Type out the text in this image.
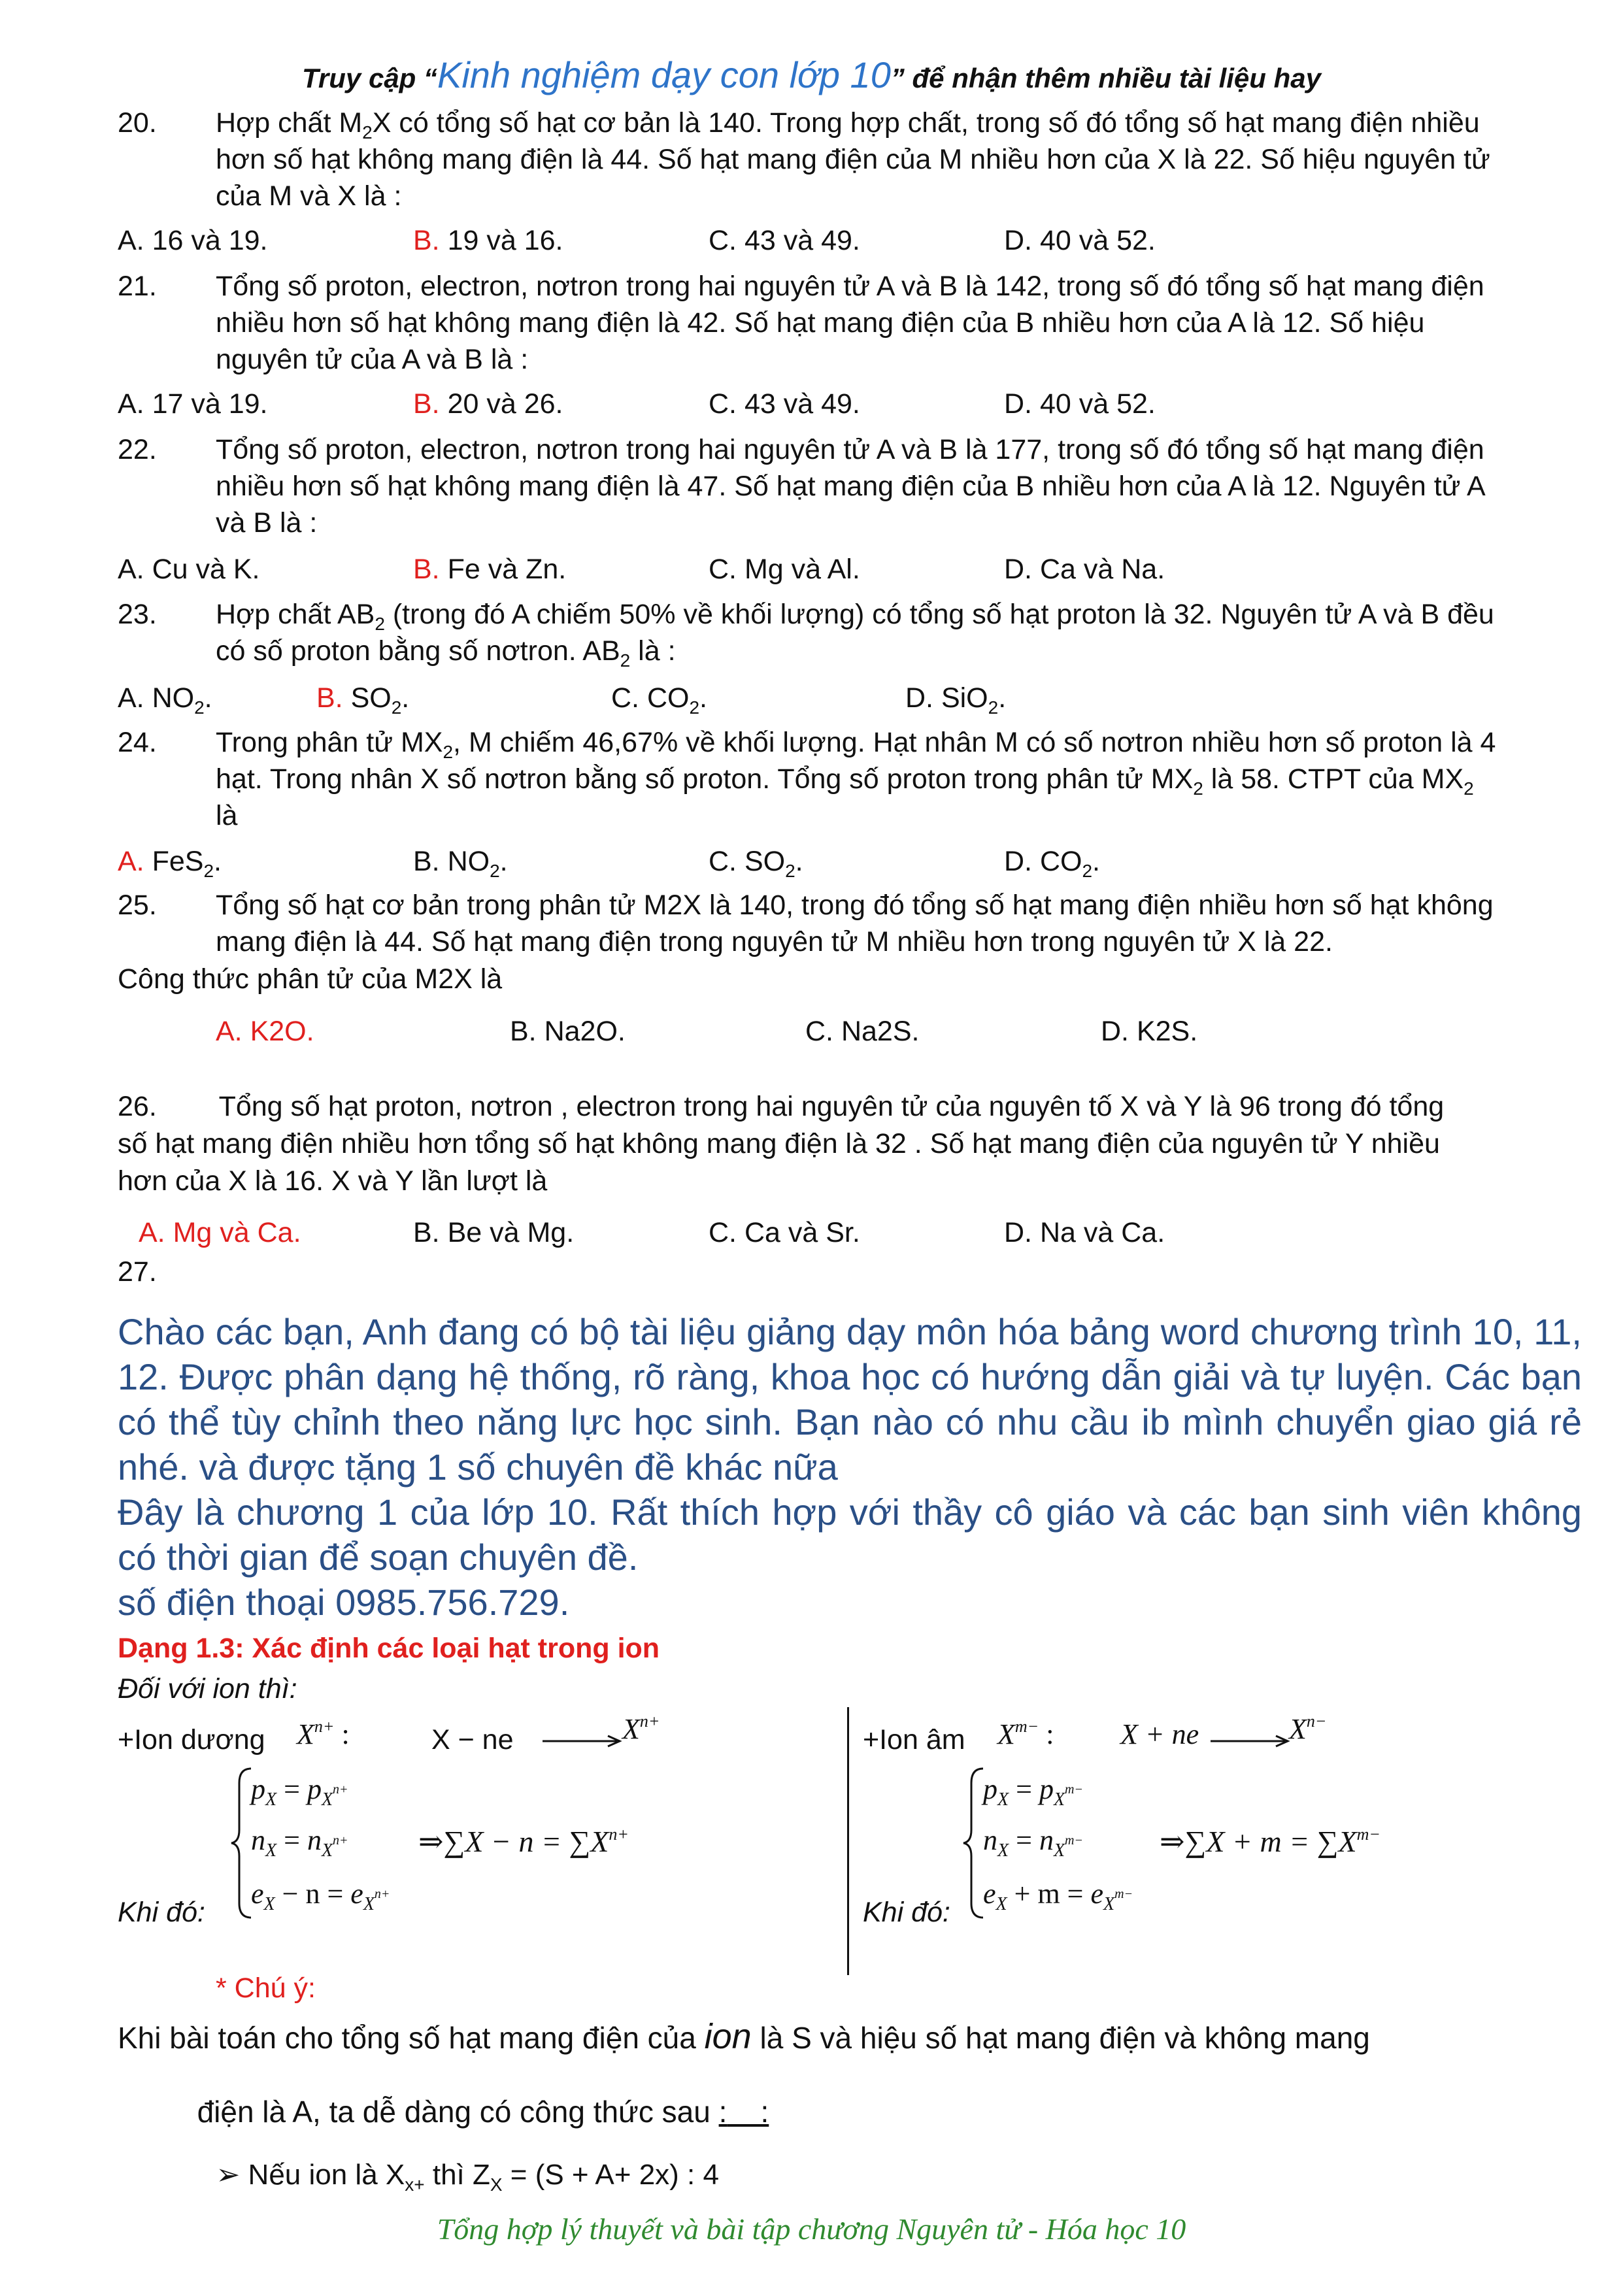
Truy cập “Kinh nghiệm dạy con lớp 10” để nhận thêm nhiều tài liệu hay
20. Hợp chất $M_2X$ có tổng số hạt cơ bản là 140. Trong hợp chất, trong số đó tổng số hạt mang điện nhiều
hơn số hạt không mang điện là 44. Số hạt mang điện của M nhiều hơn của X là 22. Số hiệu nguyên tử
của M và X là :
A. 16 và 19.	B. 19 và 16.	C. 43 và 49.	D. 40 và 52.
21. Tổng số proton, electron, nơtron trong hai nguyên tử A và B là 142, trong số đó tổng số hạt mang điện
nhiều hơn số hạt không mang điện là 42. Số hạt mang điện của B nhiều hơn của A là 12. Số hiệu
nguyên tử của A và B là :
A. 17 và 19.	B. 20 và 26.	C. 43 và 49.	D. 40 và 52.
22. Tổng số proton, electron, nơtron trong hai nguyên tử A và B là 177, trong số đó tổng số hạt mang điện
nhiều hơn số hạt không mang điện là 47. Số hạt mang điện của B nhiều hơn của A là 12. Nguyên tử A
và B là :
A. Cu và K.	B. Fe và Zn.	C. Mg và Al.	D. Ca và Na.
23. Hợp chất $AB_2$ (trong đó A chiếm 50% về khối lượng) có tổng số hạt proton là 32. Nguyên tử A và B đều
có số proton bằng số nơtron. $AB_2$ là :
A. $NO_2$.	B. $SO_2$.	C. $CO_2$.	D. SiO$_2$.
24. Trong phân tử $MX_2$, M chiếm 46,67% về khối lượng. Hạt nhân M có số nơtron nhiều hơn số proton là 4
hạt. Trong nhân X số nơtron bằng số proton. Tổng số proton trong phân tử $MX_2$ là 58. CTPT của $MX_2$
là
A. FeS$_2$.	B. $NO_2$.	C. $SO_2$.	D. $CO_2$.
25. Tổng số hạt cơ bản trong phân tử M2X là 140, trong đó tổng số hạt mang điện nhiều hơn số hạt không
mang điện là 44. Số hạt mang điện trong nguyên tử M nhiều hơn trong nguyên tử X là 22.
Công thức phân tử của M2X là
A. K2O.	B. Na2O.	C. Na2S.	D. K2S.
26.        Tổng số hạt proton, nơtron , electron trong hai nguyên tử của nguyên tố X và Y là 96 trong đó tổng
số hạt mang điện nhiều hơn tổng số hạt không mang điện là 32 . Số hạt mang điện của nguyên tử Y nhiều
hơn của X là 16. X và Y lần lượt là
A. Mg và Ca.	B. Be và Mg.	C. Ca và Sr.	D. Na và Ca.
27.

Chào các bạn, Anh đang có bộ tài liệu giảng dạy môn hóa bảng word chương trình 10, 11, 12. Được phân dạng hệ thống, rõ ràng, khoa học có hướng dẫn giải và tự luyện. Các bạn có thể tùy chỉnh theo năng lực học sinh. Bạn nào có nhu cầu ib mình chuyển giao giá rẻ nhé. và được tặng 1 số chuyên đề khác nữa

Đây là chương 1 của lớp 10. Rất thích hợp với thầy cô giáo và các bạn sinh viên không có thời gian để soạn chuyên đề.

số điện thoại 0985.756.729.

Dạng 1.3: Xác định các loại hạt trong ion
Đối với ion thì:
+Ion dương $X^{n+}$ :	X − ne	$X^{n+}$
$p_X = p_{X^{n+}}$
$n_X = n_{X^{n+}}$
$e_X - n = e_{X^{n+}}$
⇒∑X − $n = \sum X^{n+}$
Khi đó:
+Ion âm $X^{m-}$ : X + ne	$X^{n-}$
$p_X = p_{X^{m-}}$
$n_X = n_{X^{m-}}$
$e_X + m = e_{X^{m-}}$
⇒∑X + $m = \sum X^{m-}$
Khi đó:
* Chú ý:
Khi bài toán cho tổng số hạt mang điện của ion là S và hiệu số hạt mang điện và không mang

điện là A, ta dễ dàng có công thức sau :    :

➢ Nếu ion là $X_{x+}$ thì $Z_X = (S + A+ 2x)$ : 4

Tổng hợp lý thuyết và bài tập chương Nguyên tử - Hóa học 10
